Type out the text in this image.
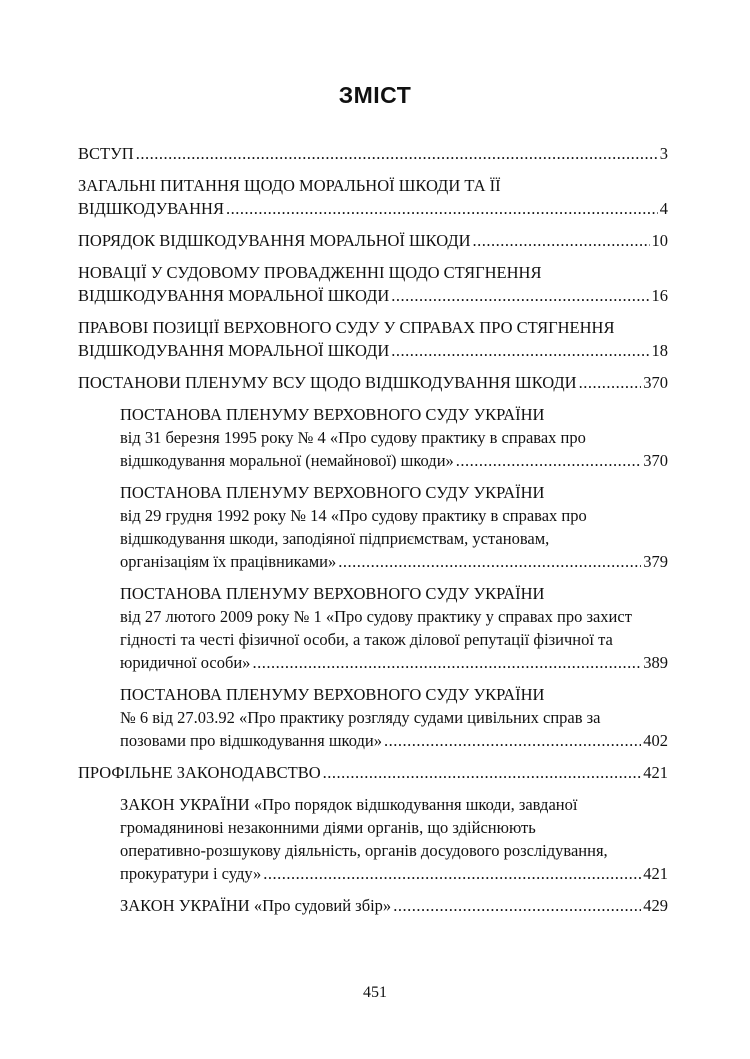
ЗМІСТ
ВСТУП .....	3
ЗАГАЛЬНІ ПИТАННЯ ЩОДО МОРАЛЬНОЇ ШКОДИ ТА ЇЇ
ВІДШКОДУВАННЯ .....	4
ПОРЯДОК ВІДШКОДУВАННЯ МОРАЛЬНОЇ ШКОДИ .....	10
НОВАЦІЇ У СУДОВОМУ ПРОВАДЖЕННІ ЩОДО СТЯГНЕННЯ
ВІДШКОДУВАННЯ МОРАЛЬНОЇ ШКОДИ .....	16
ПРАВОВІ ПОЗИЦІЇ ВЕРХОВНОГО СУДУ У СПРАВАХ ПРО СТЯГНЕННЯ
ВІДШКОДУВАННЯ МОРАЛЬНОЇ ШКОДИ .....	18
ПОСТАНОВИ ПЛЕНУМУ ВСУ ЩОДО ВІДШКОДУВАННЯ ШКОДИ .....	370
ПОСТАНОВА ПЛЕНУМУ ВЕРХОВНОГО СУДУ УКРАЇНИ
від 31 березня 1995 року № 4 «Про судову практику в справах про
відшкодування моральної (немайнової) шкоди» .....	370
ПОСТАНОВА ПЛЕНУМУ ВЕРХОВНОГО СУДУ УКРАЇНИ
від 29 грудня 1992 року № 14 «Про судову практику в справах про
відшкодування шкоди, заподіяної підприємствам, установам,
організаціям їх працівниками» .....	379
ПОСТАНОВА ПЛЕНУМУ ВЕРХОВНОГО СУДУ УКРАЇНИ
від 27 лютого 2009 року № 1 «Про судову практику у справах про захист
гідності та честі фізичної особи, а також ділової репутації фізичної та
юридичної особи» .....	389
ПОСТАНОВА ПЛЕНУМУ ВЕРХОВНОГО СУДУ УКРАЇНИ
№ 6 від 27.03.92 «Про практику розгляду судами цивільних справ за
позовами про відшкодування шкоди» .....	402
ПРОФІЛЬНЕ ЗАКОНОДАВСТВО .....	421
ЗАКОН УКРАЇНИ «Про порядок відшкодування шкоди, завданої
громадянинові незаконними діями органів, що здійснюють
оперативно-розшукову діяльність, органів досудового розслідування,
прокуратури і суду» .....	421
ЗАКОН УКРАЇНИ «Про судовий збір» .....	429
451
